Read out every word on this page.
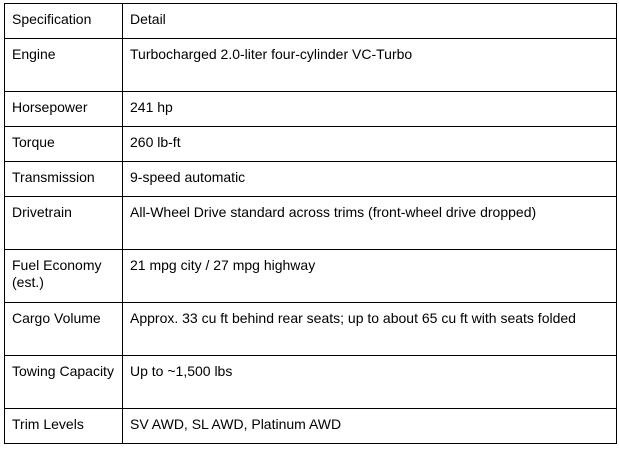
Specification	Detail
Engine	Turbocharged 2.0-liter four-cylinder VC-Turbo
Horsepower	241 hp
Torque	260 lb-ft
Transmission	9-speed automatic
Drivetrain	All-Wheel Drive standard across trims (front-wheel drive dropped)
Fuel Economy (est.)	21 mpg city / 27 mpg highway
Cargo Volume	Approx. 33 cu ft behind rear seats; up to about 65 cu ft with seats folded
Towing Capacity	Up to ~1,500 lbs
Trim Levels	SV AWD, SL AWD, Platinum AWD
